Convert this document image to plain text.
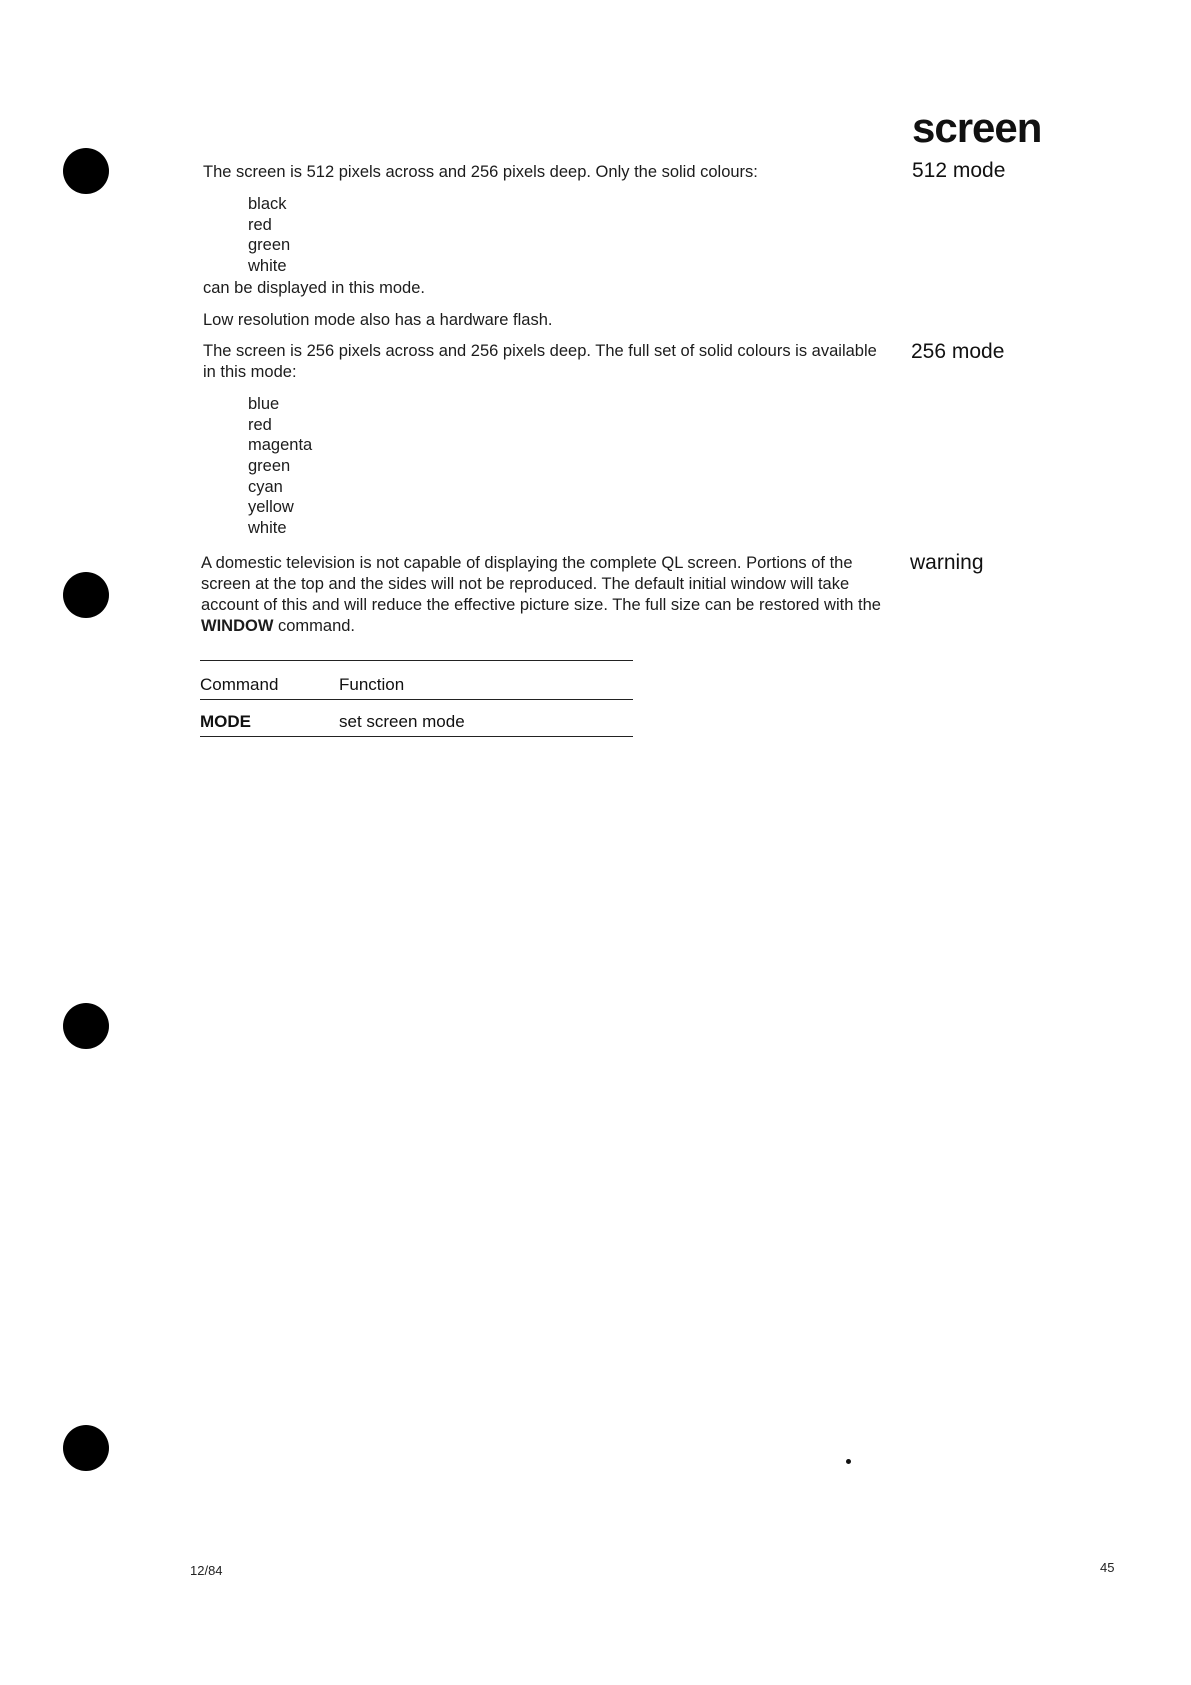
screen
512 mode
256 mode
warning
The screen is 512 pixels across and 256 pixels deep. Only the solid colours:
black
red
green
white
can be displayed in this mode.
Low resolution mode also has a hardware flash.
The screen is 256 pixels across and 256 pixels deep. The full set of solid colours is available in this mode:
blue
red
magenta
green
cyan
yellow
white
A domestic television is not capable of displaying the complete QL screen. Portions of the screen at the top and the sides will not be reproduced. The default initial window will take account of this and will reduce the effective picture size. The full size can be restored with the WINDOW command.
Command	Function
MODE	set screen mode
12/84	45
